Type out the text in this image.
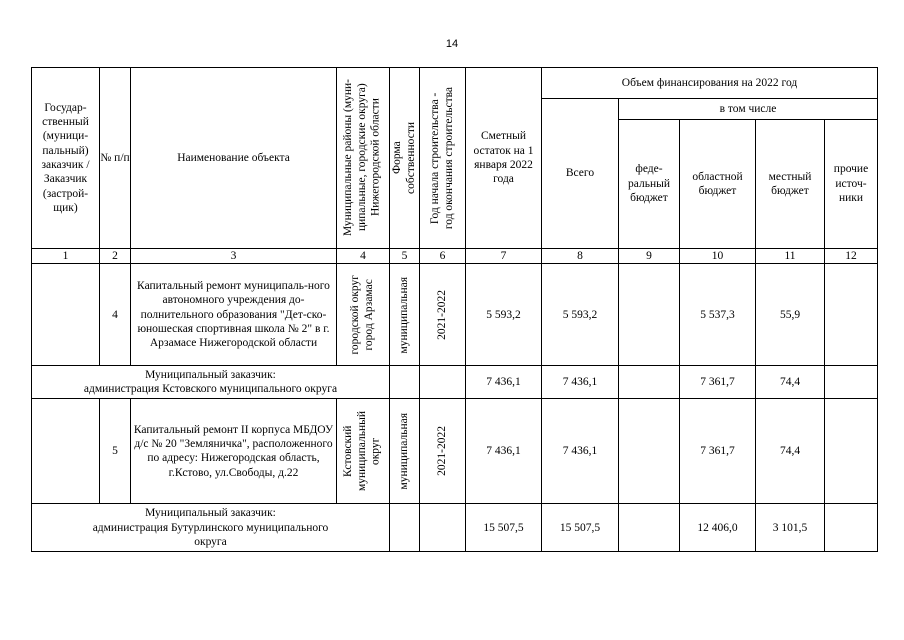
14
Государ-ственный (муници-пальный) заказчик / Заказчик (застрой-щик)	№ п/п	Наименование объекта	Муниципальные районы (муни- ципальные, городские округа) Нижегородской области	Форма собственности	Год начала строительства - год окончания строительства	Сметный остаток на 1 января 2022 года	Объем финансирования на 2022 год				
							Всего	в том числе			
								феде-ральный бюджет	областной бюджет	местный бюджет	прочие источ-ники
1	2	3	4	5	6	7	8	9	10	11	12
	4	Капитальный ремонт муниципаль-ного автономного учреждения до-полнительного образования "Дет-ско-юношеская спортивная школа № 2" в г. Арзамасе Нижегородской области	городской округ город Арзамас	муниципальная	2021-2022	5 593,2	5 593,2		5 537,3	55,9	
Муниципальный заказчик:
администрация Кстовского муниципального округа						7 436,1	7 436,1		7 361,7	74,4	
	5	Капитальный ремонт II корпуса МБДОУ д/с № 20 "Земляничка", расположенного по адресу: Нижегородская область, г.Кстово, ул.Свободы, д.22	Кстовский муниципальный округ	муниципальная	2021-2022	7 436,1	7 436,1		7 361,7	74,4	
Муниципальный заказчик:
администрация Бутурлинского муниципального
округа						15 507,5	15 507,5		12 406,0	3 101,5	
